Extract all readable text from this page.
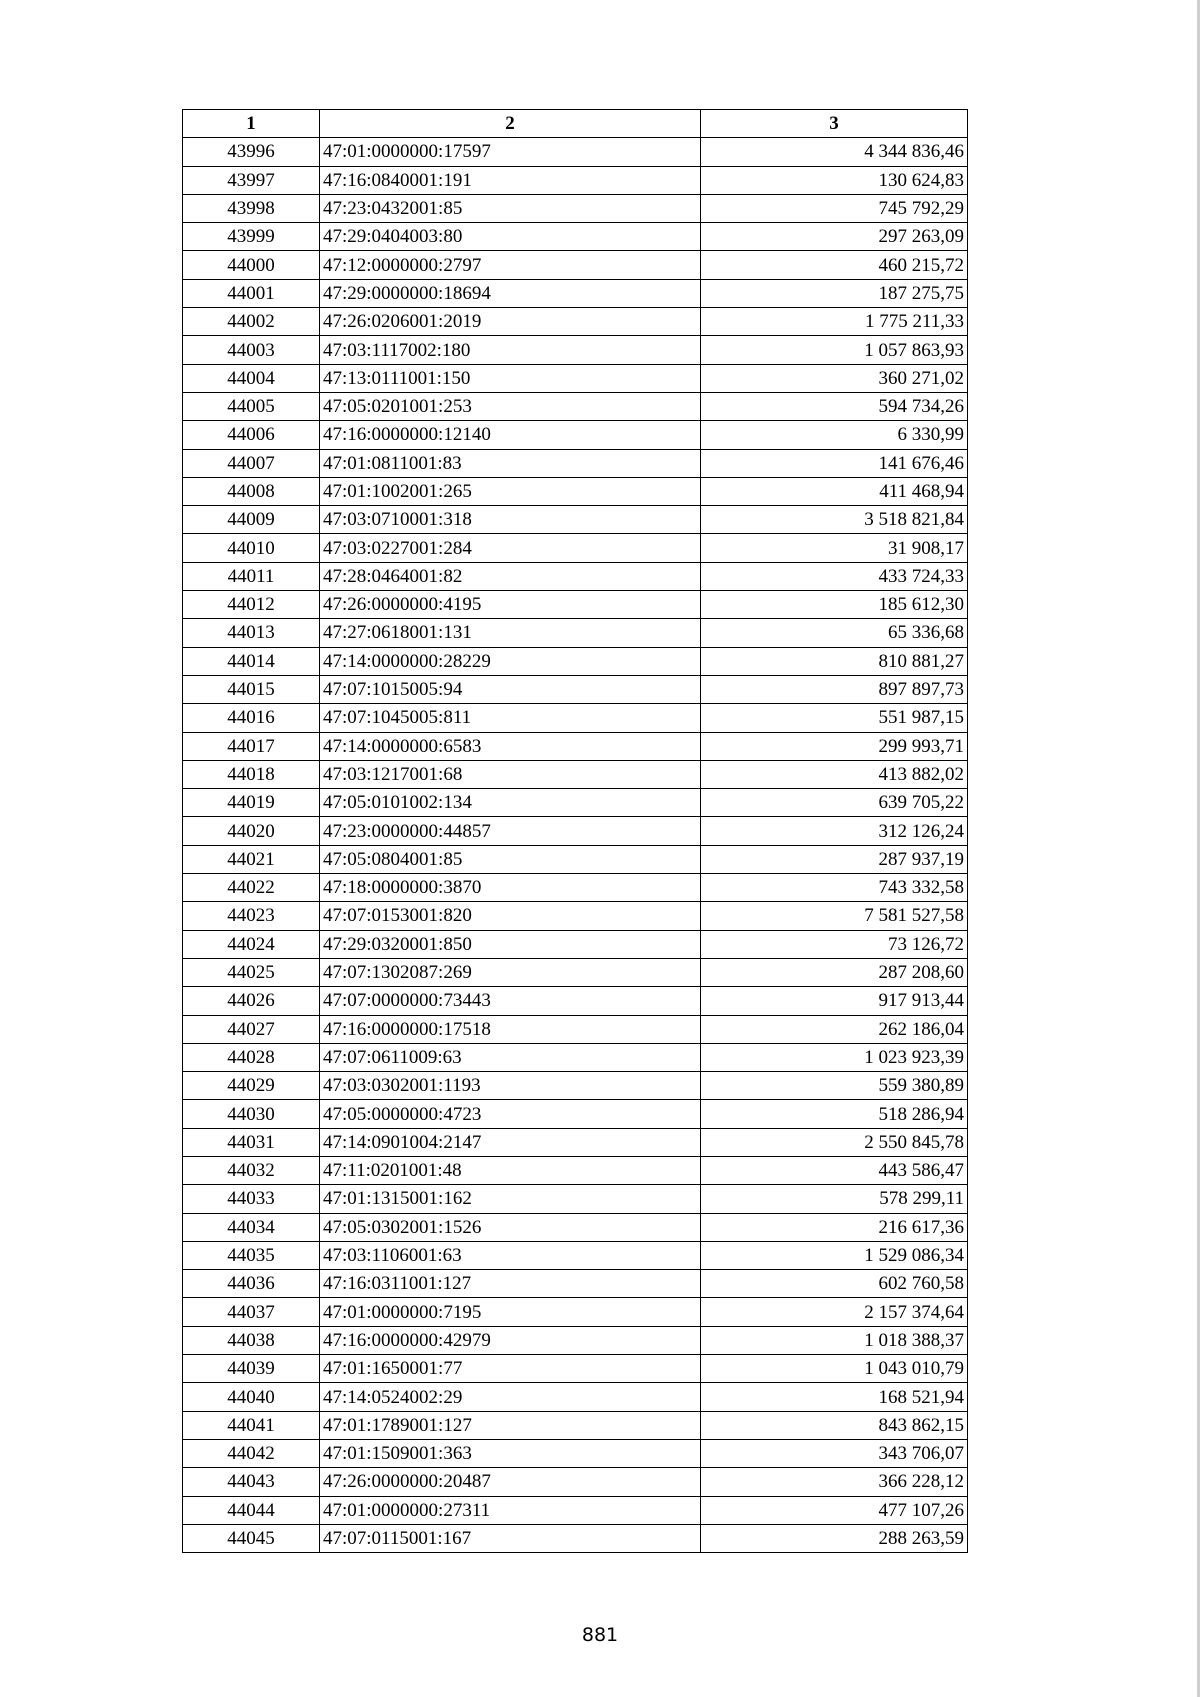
1	2	3
43996	47:01:0000000:17597	4 344 836,46
43997	47:16:0840001:191	130 624,83
43998	47:23:0432001:85	745 792,29
43999	47:29:0404003:80	297 263,09
44000	47:12:0000000:2797	460 215,72
44001	47:29:0000000:18694	187 275,75
44002	47:26:0206001:2019	1 775 211,33
44003	47:03:1117002:180	1 057 863,93
44004	47:13:0111001:150	360 271,02
44005	47:05:0201001:253	594 734,26
44006	47:16:0000000:12140	6 330,99
44007	47:01:0811001:83	141 676,46
44008	47:01:1002001:265	411 468,94
44009	47:03:0710001:318	3 518 821,84
44010	47:03:0227001:284	31 908,17
44011	47:28:0464001:82	433 724,33
44012	47:26:0000000:4195	185 612,30
44013	47:27:0618001:131	65 336,68
44014	47:14:0000000:28229	810 881,27
44015	47:07:1015005:94	897 897,73
44016	47:07:1045005:811	551 987,15
44017	47:14:0000000:6583	299 993,71
44018	47:03:1217001:68	413 882,02
44019	47:05:0101002:134	639 705,22
44020	47:23:0000000:44857	312 126,24
44021	47:05:0804001:85	287 937,19
44022	47:18:0000000:3870	743 332,58
44023	47:07:0153001:820	7 581 527,58
44024	47:29:0320001:850	73 126,72
44025	47:07:1302087:269	287 208,60
44026	47:07:0000000:73443	917 913,44
44027	47:16:0000000:17518	262 186,04
44028	47:07:0611009:63	1 023 923,39
44029	47:03:0302001:1193	559 380,89
44030	47:05:0000000:4723	518 286,94
44031	47:14:0901004:2147	2 550 845,78
44032	47:11:0201001:48	443 586,47
44033	47:01:1315001:162	578 299,11
44034	47:05:0302001:1526	216 617,36
44035	47:03:1106001:63	1 529 086,34
44036	47:16:0311001:127	602 760,58
44037	47:01:0000000:7195	2 157 374,64
44038	47:16:0000000:42979	1 018 388,37
44039	47:01:1650001:77	1 043 010,79
44040	47:14:0524002:29	168 521,94
44041	47:01:1789001:127	843 862,15
44042	47:01:1509001:363	343 706,07
44043	47:26:0000000:20487	366 228,12
44044	47:01:0000000:27311	477 107,26
44045	47:07:0115001:167	288 263,59
881
